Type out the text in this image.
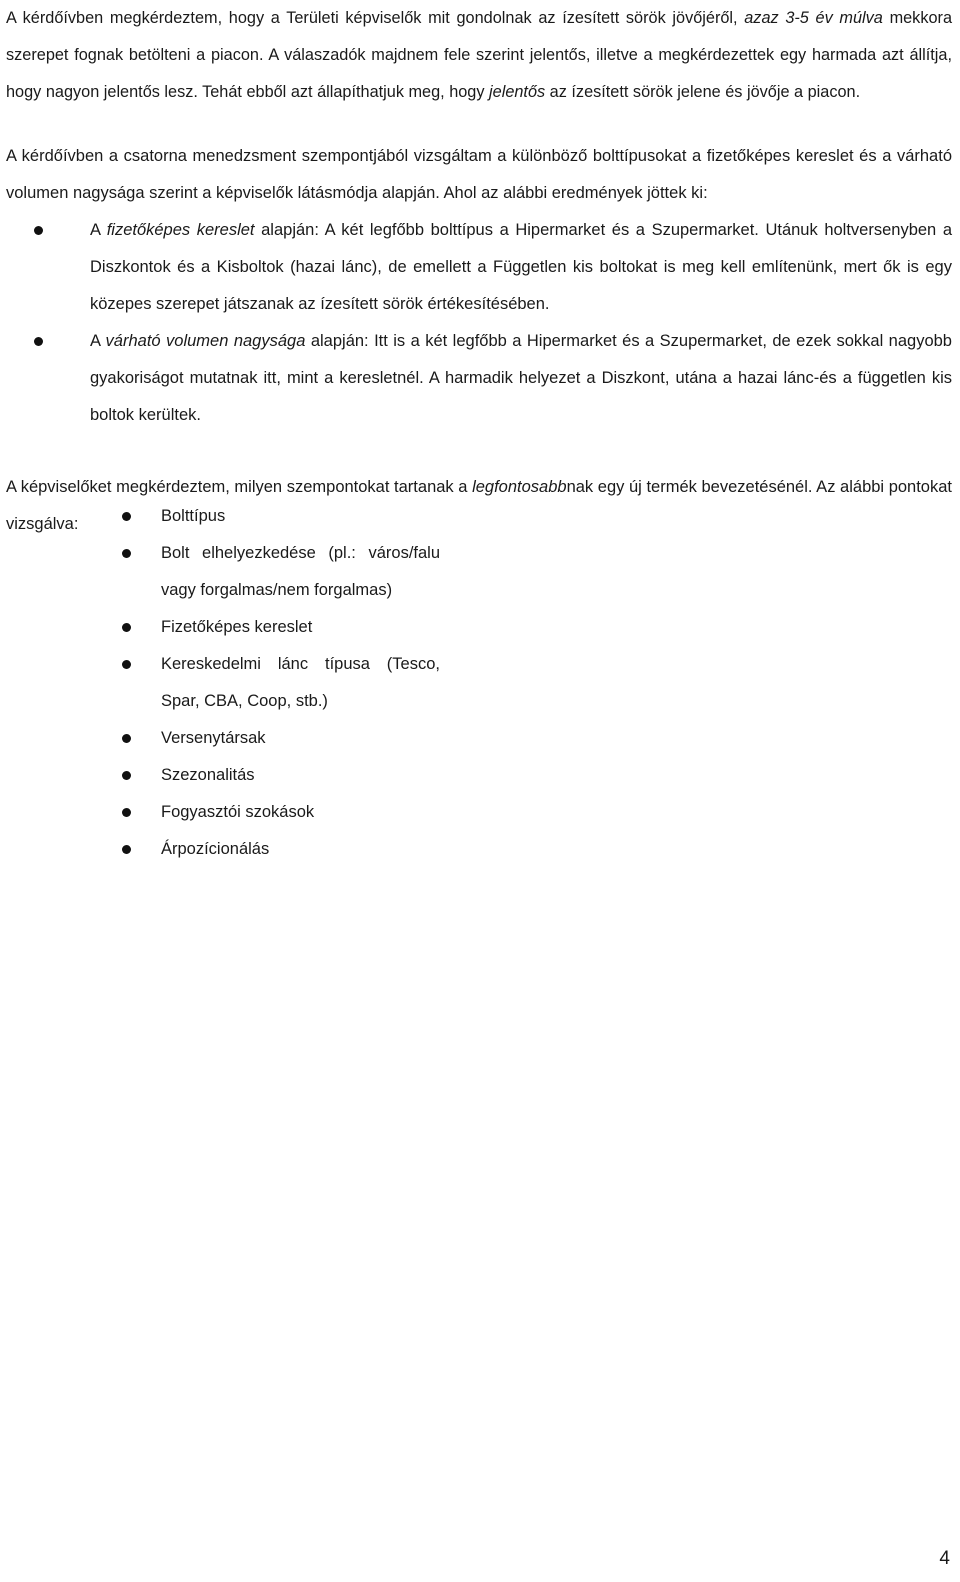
A kérdőívben megkérdeztem, hogy a Területi képviselők mit gondolnak az ízesített sörök jövőjéről, azaz 3-5 év múlva mekkora szerepet fognak betölteni a piacon. A válaszadók majdnem fele szerint jelentős, illetve a megkérdezettek egy harmada azt állítja, hogy nagyon jelentős lesz. Tehát ebből azt állapíthatjuk meg, hogy jelentős az ízesített sörök jelene és jövője a piacon.

A kérdőívben a csatorna menedzsment szempontjából vizsgáltam a különböző bolttípusokat a fizetőképes kereslet és a várható volumen nagysága szerint a képviselők látásmódja alapján. Ahol az alábbi eredmények jöttek ki:

A fizetőképes kereslet alapján: A két legfőbb bolttípus a Hipermarket és a Szupermarket. Utánuk holtversenyben a Diszkontok és a Kisboltok (hazai lánc), de emellett a Független kis boltokat is meg kell említenünk, mert ők is egy közepes szerepet játszanak az ízesített sörök értékesítésében.
A várható volumen nagysága alapján: Itt is a két legfőbb a Hipermarket és a Szupermarket, de ezek sokkal nagyobb gyakoriságot mutatnak itt, mint a keresletnél. A harmadik helyezet a Diszkont, utána a hazai lánc-és a független kis boltok kerültek.

A képviselőket megkérdeztem, milyen szempontokat tartanak a legfontosabbnak egy új termék bevezetésénél. Az alábbi pontokat vizsgálva:	Bolttípus
Bolt elhelyezkedése (pl.: város/falu vagy forgalmas/nem forgalmas)
Fizetőképes kereslet
Kereskedelmi lánc típusa (Tesco, Spar, CBA, Coop, stb.)
Versenytársak
Szezonalitás
Fogyasztói szokások
Árpozícionálás
4
